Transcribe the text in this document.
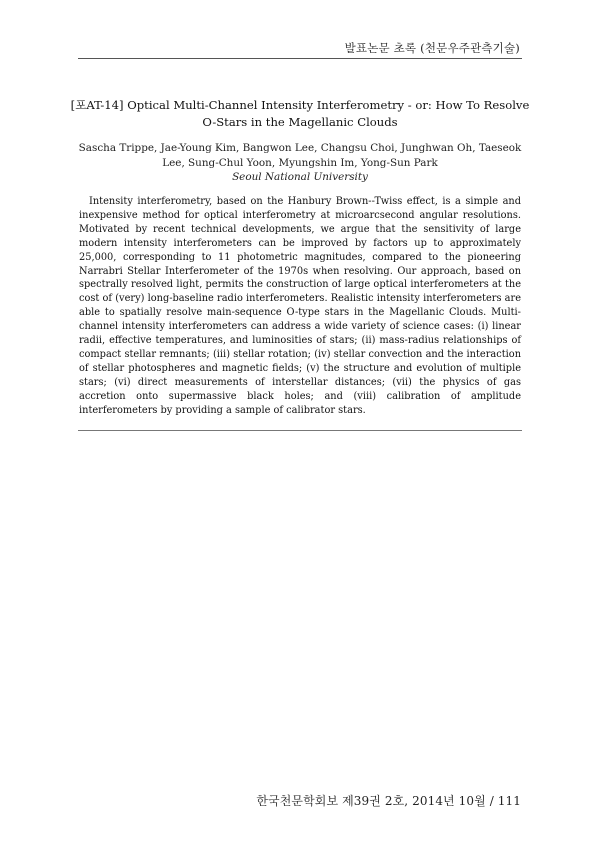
발표논문 초록 (천문우주관측기술)
[포AT-14] Optical Multi-Channel Intensity Interferometry - or: How To Resolve O-Stars in the Magellanic Clouds
Sascha Trippe, Jae-Young Kim, Bangwon Lee, Changsu Choi, Junghwan Oh, Taeseok Lee, Sung-Chul Yoon, Myungshin Im, Yong-Sun Park
Seoul National University

Intensity interferometry, based on the Hanbury Brown--Twiss effect, is a simple and inexpensive method for optical interferometry at microarcsecond angular resolutions. Motivated by recent technical developments, we argue that the sensitivity of large modern intensity interferometers can be improved by factors up to approximately 25,000, corresponding to 11 photometric magnitudes, compared to the pioneering Narrabri Stellar Interferometer of the 1970s when resolving. Our approach, based on spectrally resolved light, permits the construction of large optical interferometers at the cost of (very) long-baseline radio interferometers. Realistic intensity interferometers are able to spatially resolve main-sequence O-type stars in the Magellanic Clouds. Multi-channel intensity interferometers can address a wide variety of science cases: (i) linear radii, effective temperatures, and luminosities of stars; (ii) mass-radius relationships of compact stellar remnants; (iii) stellar rotation; (iv) stellar convection and the interaction of stellar photospheres and magnetic fields; (v) the structure and evolution of multiple stars; (vi) direct measurements of interstellar distances; (vii) the physics of gas accretion onto supermassive black holes; and (viii) calibration of amplitude interferometers by providing a sample of calibrator stars.

한국천문학회보 제39권 2호, 2014년 10월 / 111
